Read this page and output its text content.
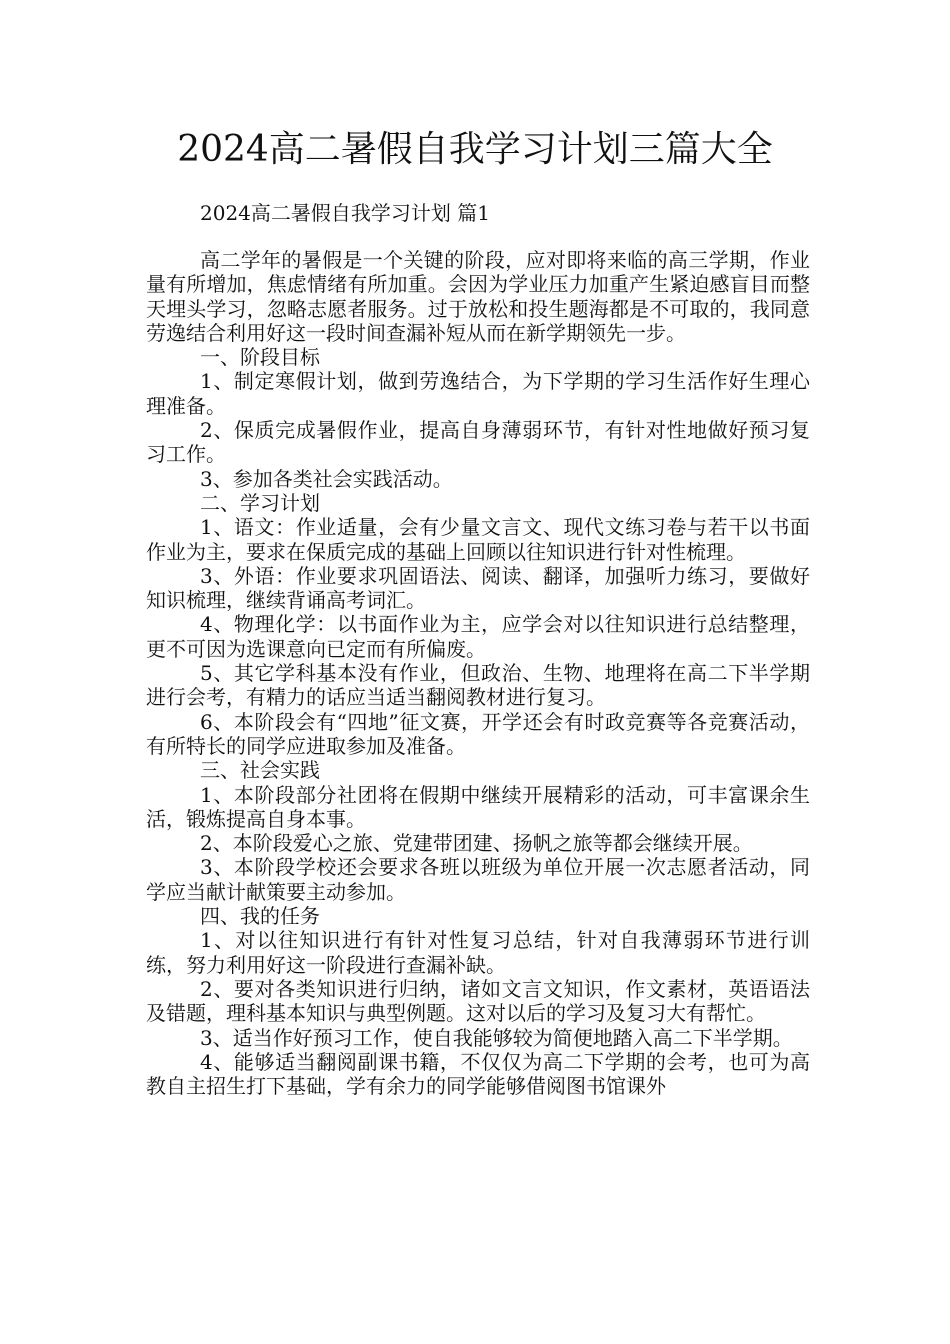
2024高二暑假自我学习计划三篇大全
2024高二暑假自我学习计划 篇1

高二学年的暑假是一个关键的阶段，应对即将来临的高三学期，作业量有所增加，焦虑情绪有所加重。会因为学业压力加重产生紧迫感盲目而整天埋头学习，忽略志愿者服务。过于放松和投生题海都是不可取的，我同意劳逸结合利用好这一段时间查漏补短从而在新学期领先一步。

一、阶段目标

1、制定寒假计划，做到劳逸结合，为下学期的学习生活作好生理心理准备。

2、保质完成暑假作业，提高自身薄弱环节，有针对性地做好预习复习工作。

3、参加各类社会实践活动。

二、学习计划

1、语文：作业适量，会有少量文言文、现代文练习卷与若干以书面作业为主，要求在保质完成的基础上回顾以往知识进行针对性梳理。

3、外语：作业要求巩固语法、阅读、翻译，加强听力练习，要做好知识梳理，继续背诵高考词汇。

4、物理化学：以书面作业为主，应学会对以往知识进行总结整理，更不可因为选课意向已定而有所偏废。

5、其它学科基本没有作业，但政治、生物、地理将在高二下半学期进行会考，有精力的话应当适当翻阅教材进行复习。

6、本阶段会有“四地”征文赛，开学还会有时政竞赛等各竞赛活动，有所特长的同学应进取参加及准备。

三、社会实践

1、本阶段部分社团将在假期中继续开展精彩的活动，可丰富课余生活，锻炼提高自身本事。

2、本阶段爱心之旅、党建带团建、扬帆之旅等都会继续开展。

3、本阶段学校还会要求各班以班级为单位开展一次志愿者活动，同学应当献计献策要主动参加。

四、我的任务

1、对以往知识进行有针对性复习总结，针对自我薄弱环节进行训练，努力利用好这一阶段进行查漏补缺。

2、要对各类知识进行归纳，诸如文言文知识，作文素材，英语语法及错题，理科基本知识与典型例题。这对以后的学习及复习大有帮忙。

3、适当作好预习工作，使自我能够较为简便地踏入高二下半学期。

4、能够适当翻阅副课书籍，不仅仅为高二下学期的会考，也可为高教自主招生打下基础，学有余力的同学能够借阅图书馆课外
